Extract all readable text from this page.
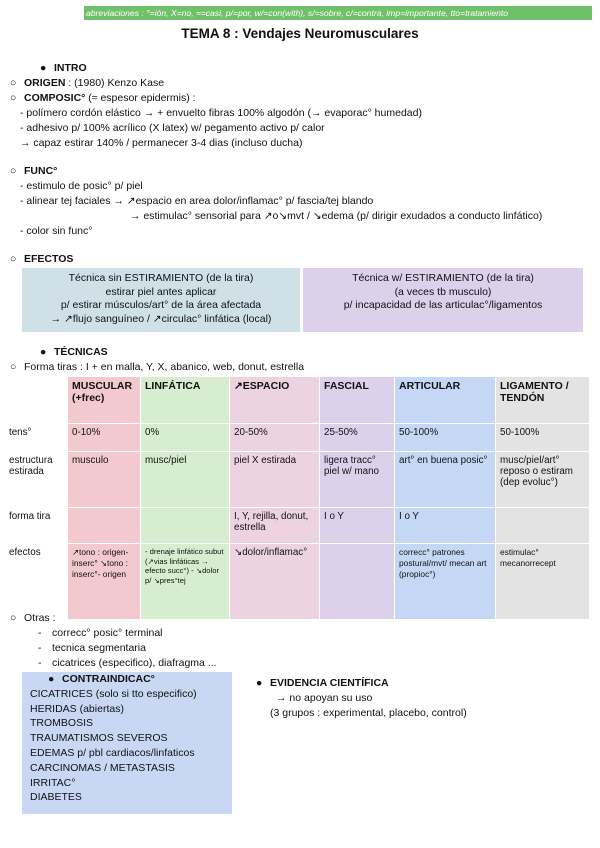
abreviaciones : °=ión, X=no, ≈=casi, p/=por, w/=con(with), s/=sobre, c/=contra, imp=importante, tto=tratamiento
TEMA 8 : Vendajes Neuromusculares
● INTRO
○ ORIGEN : (1980) Kenzo Kase
○ COMPOSIC° (≈ espesor epidermis) :
- polímero cordón elástico → + envuelto fibras 100% algodón (→ evaporac° humedad)
- adhesivo p/ 100% acrílico (X latex) w/ pegamento activo p/ calor
→ capaz estirar 140% / permanecer 3-4 dias (incluso ducha)
○ FUNC°
- estimulo de posic° p/ piel
- alinear tej faciales → ↗espacio en area dolor/inflamac° p/ fascia/tej blando
→ estimulac° sensorial para ↗o↘mvt / ↘edema (p/ dirigir exudados a conducto linfático)
- color sin func°
○ EFECTOS
Técnica sin ESTIRAMIENTO (de la tira)
estirar piel antes aplicar
p/ estirar músculos/art° de la área afectada
→ ↗flujo sanguíneo / ↗circulac° linfática (local)
Técnica w/ ESTIRAMIENTO (de la tira)
(a veces tb musculo)
p/ incapacidad de las articulac°/ligamentos
● TÉCNICAS
○ Forma tiras : I + en malla, Y, X, abanico, web, donut, estrella
	MUSCULAR (+frec)	LINFÁTICA	↗ESPACIO	FASCIAL	ARTICULAR	LIGAMENTO / TENDÓN
tens°	0-10%	0%	20-50%	25-50%	50-100%	50-100%
estructura estirada	musculo	musc/piel	piel X estirada	ligera tracc° piel w/ mano	art° en buena posic°	musc/piel/art° reposo o estiram (dep evoluc°)
forma tira			I, Y, rejilla, donut, estrella	I o Y	I o Y	
efectos	↗tono : origen-inserc° ↘tono : inserc°- origen	- drenaje linfático subut (↗vias linfáticas → efecto succ°) - ↘dolor p/ ↘pres°tej	↘dolor/inflamac°		correcc° patrones postural/mvt/ mecan art (propioc°)	estimulac° mecanorrecept
○ Otras :
- correcc° posic° terminal
- tecnica segmentaria
- cicatrices (especifico), diafragma ...
● CONTRAINDICAC°
CICATRICES (solo si tto especifico)
HERIDAS (abiertas)
TROMBOSIS
TRAUMATISMOS SEVEROS
EDEMAS p/ pbl cardiacos/linfaticos
CARCINOMAS / METASTASIS
IRRITAC°
DIABETES
● EVIDENCIA CIENTÍFICA
→ no apoyan su uso
(3 grupos : experimental, placebo, control)
